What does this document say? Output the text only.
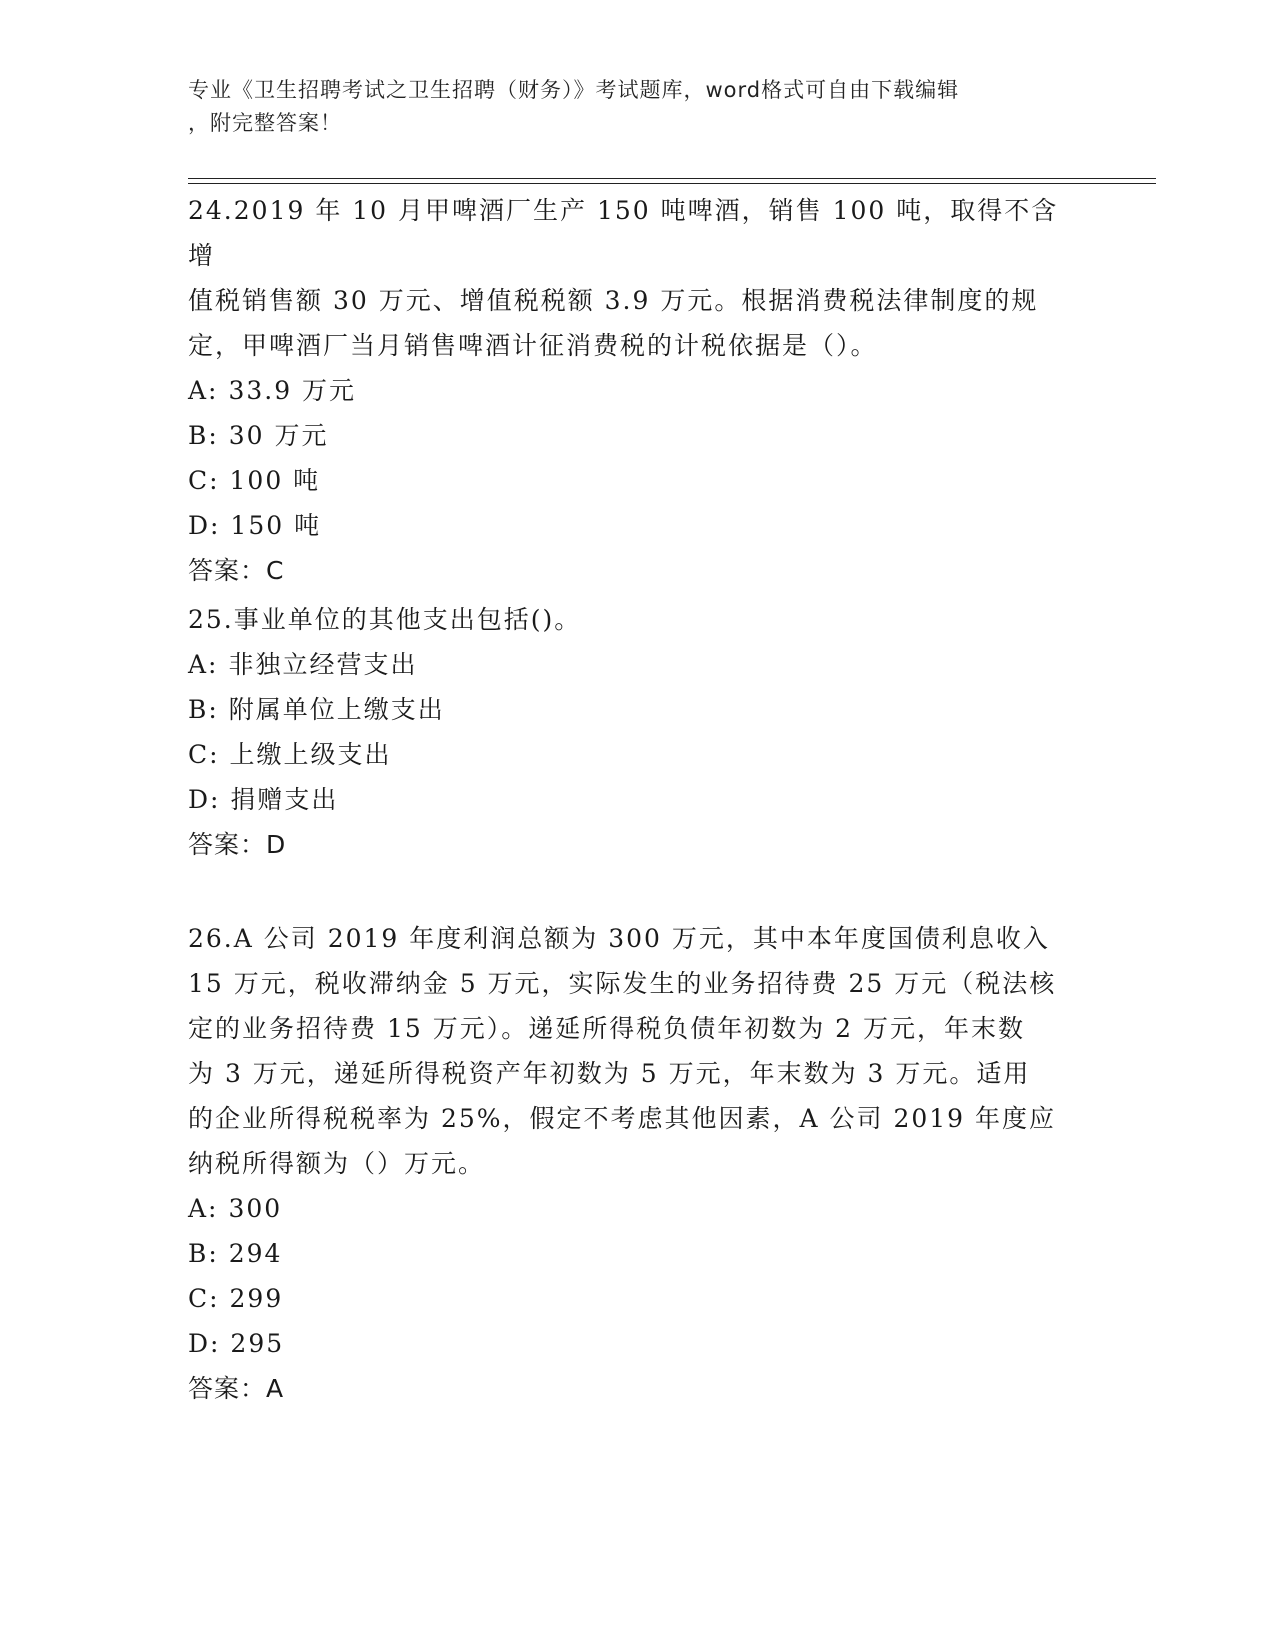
专业《卫生招聘考试之卫生招聘（财务）》考试题库，word格式可自由下载编辑
，附完整答案！

24.2019 年 10 月甲啤酒厂生产 150 吨啤酒，销售 100 吨，取得不含增

值税销售额 30 万元、增值税税额 3.9 万元。根据消费税法律制度的规

定，甲啤酒厂当月销售啤酒计征消费税的计税依据是（）。

A: 33.9 万元

B: 30 万元

C: 100 吨

D: 150 吨

答案：C

25.事业单位的其他支出包括()。

A: 非独立经营支出

B: 附属单位上缴支出

C: 上缴上级支出

D: 捐赠支出

答案：D

26.A 公司 2019 年度利润总额为 300 万元，其中本年度国债利息收入

15 万元，税收滞纳金 5 万元，实际发生的业务招待费 25 万元（税法核

定的业务招待费 15 万元）。递延所得税负债年初数为 2 万元，年末数

为 3 万元，递延所得税资产年初数为 5 万元，年末数为 3 万元。适用

的企业所得税税率为 25%，假定不考虑其他因素，A 公司 2019 年度应

纳税所得额为（）万元。

A: 300

B: 294

C: 299

D: 295

答案：A
